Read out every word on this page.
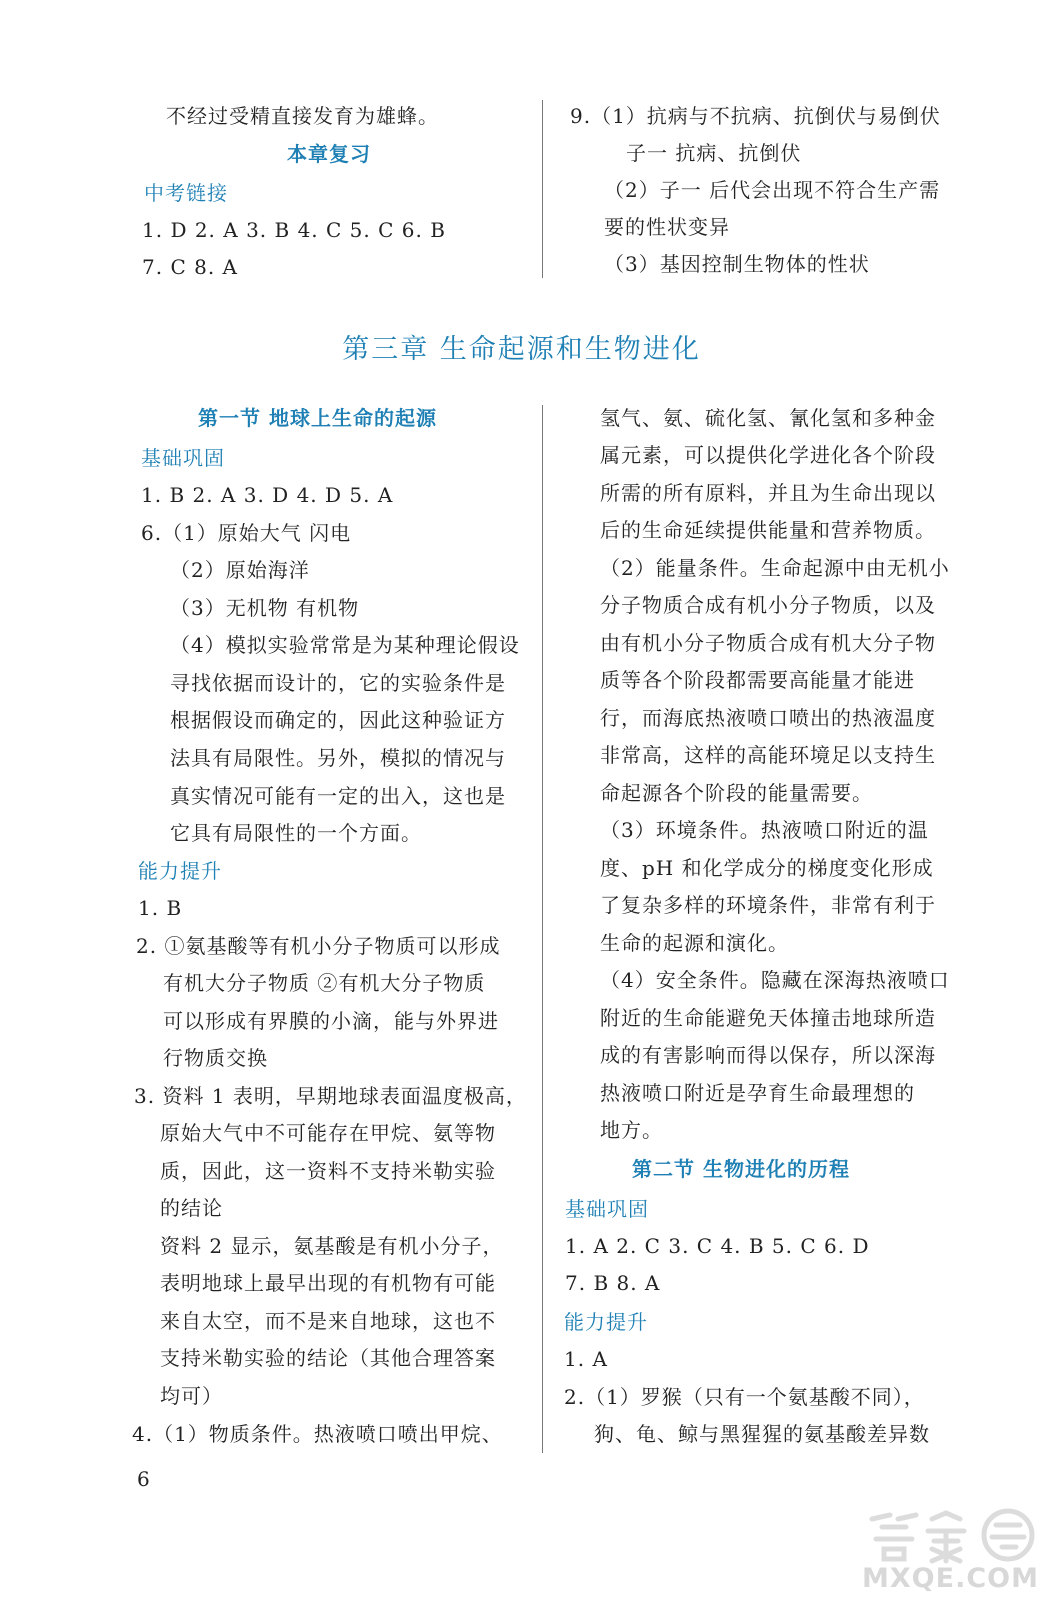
不经过受精直接发育为雄蜂。
本章复习
中考链接
1. D 2. A 3. B 4. C 5. C 6. B
7. C 8. A
9.（1）抗病与不抗病、抗倒伏与易倒伏
子一 抗病、抗倒伏
（2）子一 后代会出现不符合生产需
要的性状变异
（3）基因控制生物体的性状
第三章 生命起源和生物进化
第一节 地球上生命的起源
基础巩固
1. B 2. A 3. D 4. D 5. A
6.（1）原始大气 闪电
（2）原始海洋
（3）无机物 有机物
（4）模拟实验常常是为某种理论假设
寻找依据而设计的，它的实验条件是
根据假设而确定的，因此这种验证方
法具有局限性。另外，模拟的情况与
真实情况可能有一定的出入，这也是
它具有局限性的一个方面。
能力提升
1. B
2. ①氨基酸等有机小分子物质可以形成
有机大分子物质 ②有机大分子物质
可以形成有界膜的小滴，能与外界进
行物质交换
3. 资料 1 表明，早期地球表面温度极高，
原始大气中不可能存在甲烷、氨等物
质，因此，这一资料不支持米勒实验
的结论
资料 2 显示，氨基酸是有机小分子，
表明地球上最早出现的有机物有可能
来自太空，而不是来自地球，这也不
支持米勒实验的结论（其他合理答案
均可）
4.（1）物质条件。热液喷口喷出甲烷、
氢气、氨、硫化氢、氰化氢和多种金
属元素，可以提供化学进化各个阶段
所需的所有原料，并且为生命出现以
后的生命延续提供能量和营养物质。
（2）能量条件。生命起源中由无机小
分子物质合成有机小分子物质，以及
由有机小分子物质合成有机大分子物
质等各个阶段都需要高能量才能进
行，而海底热液喷口喷出的热液温度
非常高，这样的高能环境足以支持生
命起源各个阶段的能量需要。
（3）环境条件。热液喷口附近的温
度、pH 和化学成分的梯度变化形成
了复杂多样的环境条件，非常有利于
生命的起源和演化。
（4）安全条件。隐藏在深海热液喷口
附近的生命能避免天体撞击地球所造
成的有害影响而得以保存，所以深海
热液喷口附近是孕育生命最理想的
地方。
第二节 生物进化的历程
基础巩固
1. A 2. C 3. C 4. B 5. C 6. D
7. B 8. A
能力提升
1. A
2.（1）罗猴（只有一个氨基酸不同），
狗、龟、鲸与黑猩猩的氨基酸差异数
6
MXQE.COM
